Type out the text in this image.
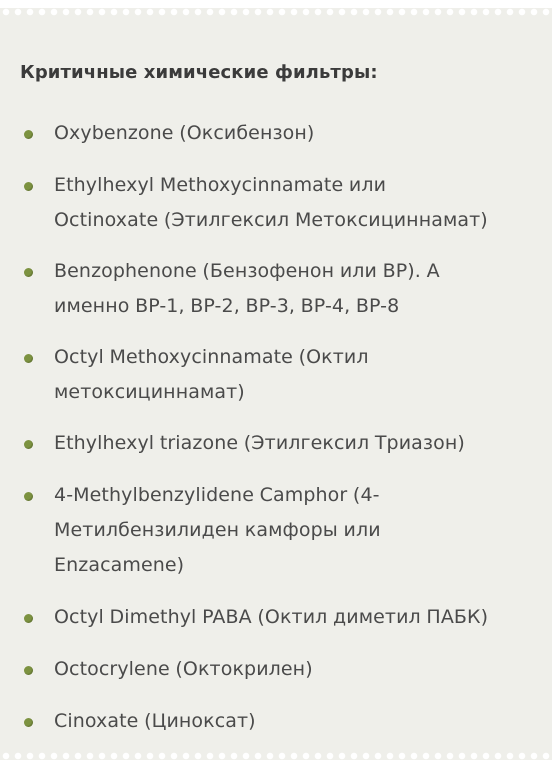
Критичные химические фильтры:
Oxybenzone (Оксибензон)
Ethylhexyl Methoxycinnamate или
Octinoxate (Этилгексил Метоксициннамат)
Benzophenone (Бензофенон или BP). А
именно BP-1, BP-2, BP-3, BP-4, BP-8
Octyl Methoxycinnamate (Октил
метоксициннамат)
Ethylhexyl triazone (Этилгексил Триазон)
4-Methylbenzylidene Camphor (4-
Метилбензилиден камфоры или
Enzacamene)
Octyl Dimethyl PABA (Октил диметил ПАБК)
Octocrylene (Октокрилен)
Cinoxate (Циноксат)
